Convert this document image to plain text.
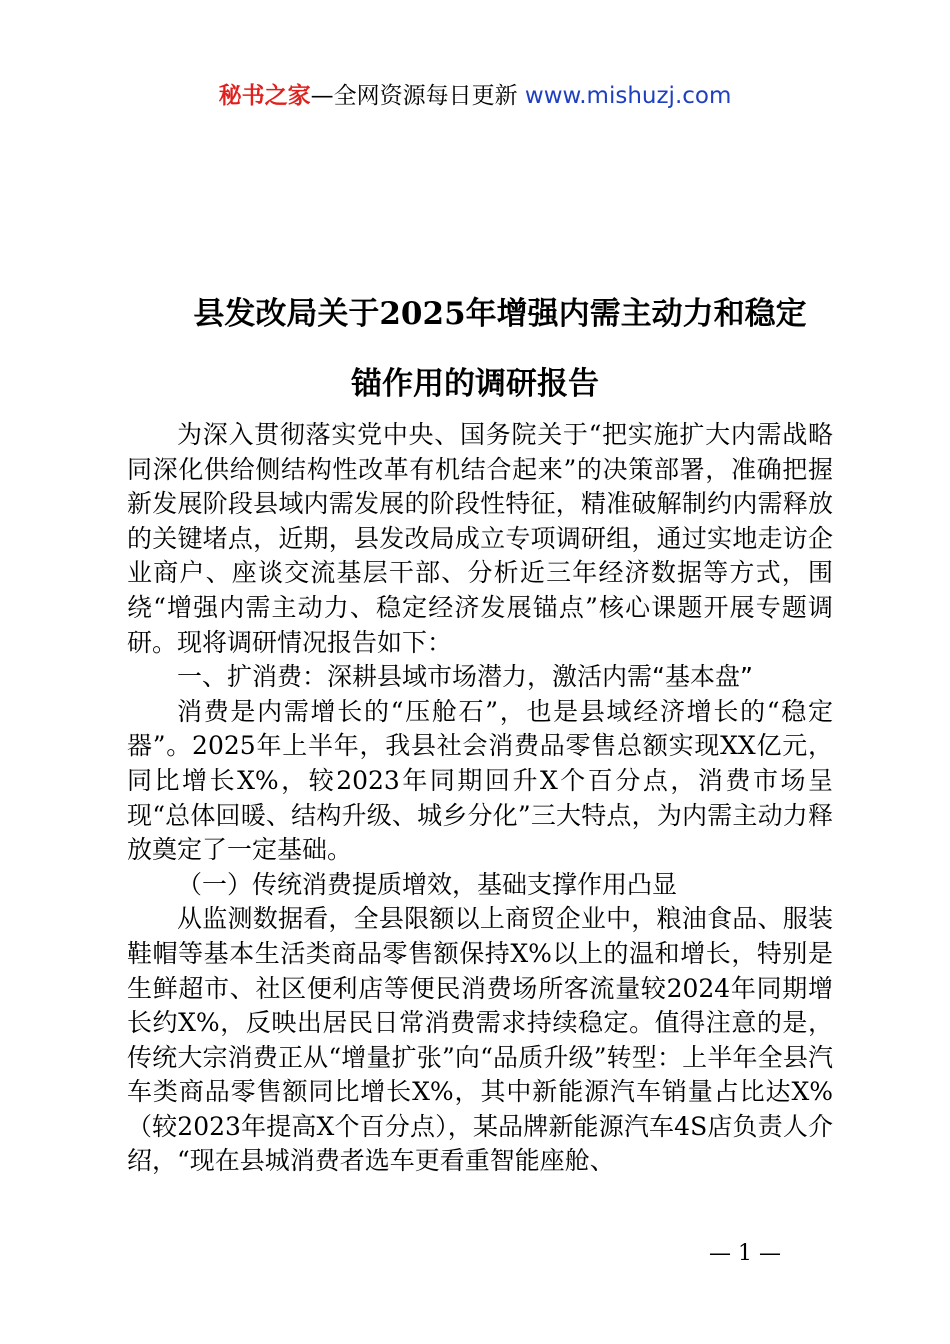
秘书之家—全网资源每日更新 www.mishuzj.com
县发改局关于2025年增强内需主动力和稳定
锚作用的调研报告

为深入贯彻落实党中央、国务院关于“把实施扩大内需战略同深化供给侧结构性改革有机结合起来”的决策部署，准确把握新发展阶段县域内需发展的阶段性特征，精准破解制约内需释放的关键堵点，近期，县发改局成立专项调研组，通过实地走访企业商户、座谈交流基层干部、分析近三年经济数据等方式，围绕“增强内需主动力、稳定经济发展锚点”核心课题开展专题调研。现将调研情况报告如下：

一、扩消费：深耕县域市场潜力，激活内需“基本盘”

消费是内需增长的“压舱石”，也是县域经济增长的“稳定器”。2025年上半年，我县社会消费品零售总额实现XX亿元，同比增长X%，较2023年同期回升X个百分点，消费市场呈现“总体回暖、结构升级、城乡分化”三大特点，为内需主动力释放奠定了一定基础。

（一）传统消费提质增效，基础支撑作用凸显

从监测数据看，全县限额以上商贸企业中，粮油食品、服装鞋帽等基本生活类商品零售额保持X%以上的温和增长，特别是生鲜超市、社区便利店等便民消费场所客流量较2024年同期增长约X%，反映出居民日常消费需求持续稳定。值得注意的是，传统大宗消费正从“增量扩张”向“品质升级”转型：上半年全县汽车类商品零售额同比增长X%，其中新能源汽车销量占比达X%（较2023年提高X个百分点），某品牌新能源汽车4S店负责人介绍，“现在县城消费者选车更看重智能座舱、

— 1 —
